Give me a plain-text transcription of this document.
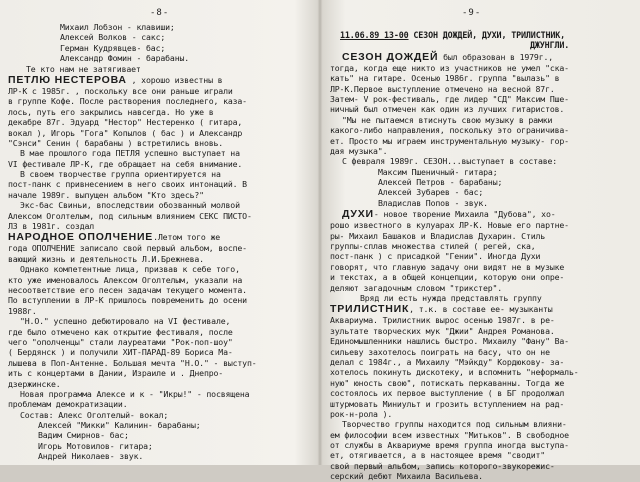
-8-
Михаил Лобзон - клавиши;
Алексей Волков - сакс;
Герман Кудрявцев- бас;
Александр Фомин - барабаны.
Те кто нам не затягивает
ПЕТЛЮ НЕСТЕРОВА , хорошо известны в
ЛР-К с 1985г. , поскольку все они раньше играли
в группе Кофе. После растворения последнего, каза-
лось, путь его закрылись навсегда. Но уже в
декабре 87г. Эдуард "Нестор" Нестеренко ( гитара,
вокал ), Игорь "Гога" Копылов ( бас ) и Александр
"Сэнси" Сенин ( барабаны ) встретились вновь.
В мае прошлого года ПЕТЛЯ успешно выступает на
VI фестивале ЛР-К, где обращает на себя внимание.
В своем творчестве группа ориентируется на
пост-панк с привнесением в него своих интонаций. В
начале 1989г. выпущен альбом "Кто здесь?"
Экс-бас Свиньи, впоследствии обозванный молвой
Алексом Оголтелым, под сильным влиянием СЕКС ПИСТО-
ЛЗ в 1981г. создал
НАРОДНОЕ ОПОЛЧЕНИЕ.Летом того же
года ОПОЛЧЕНИЕ записало свой первый альбом, воспе-
вающий жизнь и деятельность Л.И.Брежнева.
Однако компетентные лица, призвав к себе того,
кто уже именовалось Алексом Оголтелым, указали на
несоответствие его песен задачам текущего момента.
По вступлении в ЛР-К пришлось повременить до осени
1988г.
"Н.О." успешно дебютировало на VI фестивале,
где было отмечено как открытие фестиваля, после
чего "ополченцы" стали лауреатами "Рок-поп-шоу"
( Бердянск ) и получили ХИТ-ПАРАД-89 Бориса Ма-
лышева в Поп-Антенне. Большая мечта "Н.О." - выступ-
ить с концертами в Дании, Израиле и . Днепро-
дзержинске.
Новая программа Алексе и к - "Икры!" - посвящена
проблемам демократизации.
Состав: Алекс Оголтелый- вокал;
Алексей "Микки" Калинин- барабаны;
Вадим Смирнов- бас;
Игорь Мотовилов- гитара;
Андрей Николаев- звук.
-9-
11.06.89 13-00 СЕЗОН ДОЖДЕЙ, ДУХИ, ТРИЛИСТНИК,
ДЖУНГЛИ.
СЕЗОН ДОЖДЕЙ был образован в 1979г.,
тогда, когда еще никто из участников не умел "ска-
кать" на гитаре. Осенью 1986г. группа "вылазь" в
ЛР-К.Первое выступление отмечено на весной 87г.
Затем- V рок-фестиваль, где лидер "СД" Максим Пше-
ничный был отмечен как один из лучших гитаристов.
"Мы не пытаемся втиснуть свою музыку в рамки
какого-либо направления, поскольку это ограничива-
ет. Просто мы играем инструментальную музыку- гор-
дая музыка".
С февраля 1989г. СЕЗОН...выступает в составе:
Максим Пшеничный- гитара;
Алексей Петров - барабаны;
Алексей Зубарев - бас;
Владислав Попов - звук.
ДУХИ- новое творение Михаила "Дубова", хо-
рошо известного в кулуарах ЛР-К. Новые его партне-
ры- Михаил Башаков и Владислав Духарин. Стиль
группы-сплав множества стилей ( регей, ска,
пост-панк ) с присадкой "Гении". Иногда Духи
говорят, что главную задачу они видят не в музыке
и текстах, а в общей концепции, которую они опре-
деляют загадочным словом "трикстер".
Вряд ли есть нужда представлять группу
ТРИЛИСТНИК, т.к. в составе ее- музыканты
Аквариума. Трилистник вырос осенью 1987г. в ре-
зультате творческих мук "Джии" Андрея Романова.
Единомышленники нашлись быстро. Михаилу "Фану" Ва-
сильеву захотелось поиграть на басу, что он не
делал с 1984г., а Михаилу "Мэйкду" Кордюкову- за-
хотелось покинуть дискотеку, и вспомнить "неформаль-
ную" юность свою", потискать перкаванны. Тогда же
состоялось их первое выступление ( в БГ продолжал
штурмовать Миниульт и грозить вступлением на рад-
рок-н-рола ).
Творчество группы находится под сильным влияни-
ем философии всем известных "Митьков". В свободное
от службы в Аквариуме время группа иногда выступа-
ет, отягивается, а в настоящее время "сводит"
свой первый альбом, запись которого-звукорежис-
серский дебют Михаила Васильева.
